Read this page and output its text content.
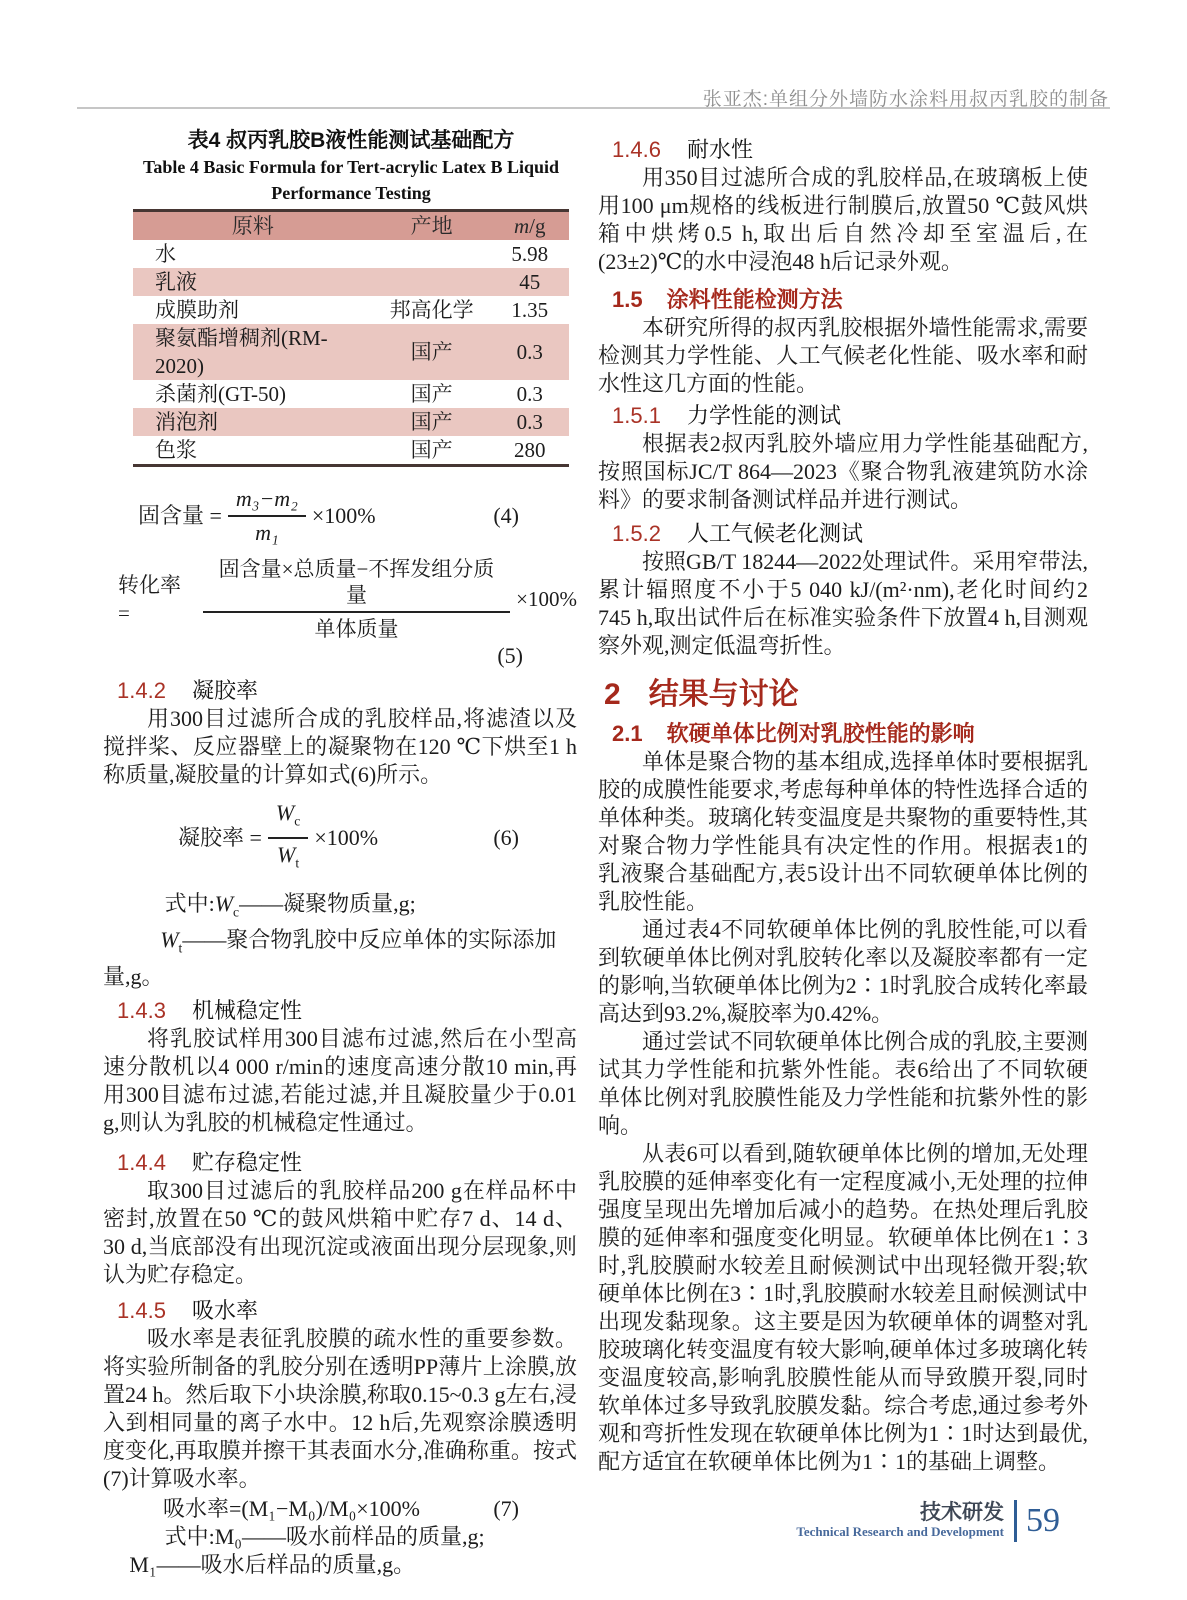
张亚杰:单组分外墙防水涂料用叔丙乳胶的制备
表4 叔丙乳胶B液性能测试基础配方
Table 4 Basic Formula for Tert-acrylic Latex B Liquid
Performance Testing
原料	产地	m/g
水		5.98
乳液		45
成膜助剂	邦高化学	1.35
聚氨酯增稠剂(RM-2020)	国产	0.3
杀菌剂(GT-50)	国产	0.3
消泡剂	国产	0.3
色浆	国产	280
固含量 = $\frac{\text{m₃−m₂}}{\text{m₁}} \times 100\%$	(4)
转化率 =	$\frac{\text{固含量×总质量−不挥发组分质量}}{\text{单体质量}} \times 100\%$
(5)

1.4.2 凝胶率

用300目过滤所合成的乳胶样品,将滤渣以及搅拌桨、反应器壁上的凝聚物在120 ℃下烘至1 h称质量,凝胶量的计算如式(6)所示。

凝胶率 = $\frac{W_c}{W_t} \times 100\%$	(6)

式中$:W_c——$凝聚物质量,g;

$W_t——$聚合物乳胶中反应单体的实际添加量,g。

1.4.3 机械稳定性

将乳胶试样用300目滤布过滤,然后在小型高速分散机以4 000 r/min的速度高速分散10 min,再用300目滤布过滤,若能过滤,并且凝胶量少于0.01 g,则认为乳胶的机械稳定性通过。

1.4.4 贮存稳定性

取300目过滤后的乳胶样品200 g在样品杯中密封,放置在50 ℃的鼓风烘箱中贮存7 d、14 d、30 d,当底部没有出现沉淀或液面出现分层现象,则认为贮存稳定。

1.4.5 吸水率

吸水率是表征乳胶膜的疏水性的重要参数。将实验所制备的乳胶分别在透明PP薄片上涂膜,放置24 h。然后取下小块涂膜,称取0.15~0.3 g左右,浸入到相同量的离子水中。12 h后,先观察涂膜透明度变化,再取膜并擦干其表面水分,准确称重。按式(7)计算吸水率。

吸水率=(M₁−M₀)/M₀×100%	(7)

式中:M₀——吸水前样品的质量,g;

M₁——吸水后样品的质量,g。

1.4.6 耐水性

用350目过滤所合成的乳胶样品,在玻璃板上使用100 μm规格的线板进行制膜后,放置50 ℃鼓风烘箱中烘烤0.5 h,取出后自然冷却至室温后,在(23±2)℃的水中浸泡48 h后记录外观。

1.5 涂料性能检测方法

本研究所得的叔丙乳胶根据外墙性能需求,需要检测其力学性能、人工气候老化性能、吸水率和耐水性这几方面的性能。

1.5.1 力学性能的测试

根据表2叔丙乳胶外墙应用力学性能基础配方,按照国标JC/T 864—2023《聚合物乳液建筑防水涂料》的要求制备测试样品并进行测试。

1.5.2 人工气候老化测试

按照GB/T 18244—2022处理试件。采用窄带法,累计辐照度不小于5 040 kJ/(m²·nm),老化时间约2 745 h,取出试件后在标准实验条件下放置4 h,目测观察外观,测定低温弯折性。

2 结果与讨论

2.1 软硬单体比例对乳胶性能的影响

单体是聚合物的基本组成,选择单体时要根据乳胶的成膜性能要求,考虑每种单体的特性选择合适的单体种类。玻璃化转变温度是共聚物的重要特性,其对聚合物力学性能具有决定性的作用。根据表1的乳液聚合基础配方,表5设计出不同软硬单体比例的乳胶性能。

通过表4不同软硬单体比例的乳胶性能,可以看到软硬单体比例对乳胶转化率以及凝胶率都有一定的影响,当软硬单体比例为2∶1时乳胶合成转化率最高达到93.2%,凝胶率为0.42%。

通过尝试不同软硬单体比例合成的乳胶,主要测试其力学性能和抗紫外性能。表6给出了不同软硬单体比例对乳胶膜性能及力学性能和抗紫外性的影响。

从表6可以看到,随软硬单体比例的增加,无处理乳胶膜的延伸率变化有一定程度减小,无处理的拉伸强度呈现出先增加后减小的趋势。在热处理后乳胶膜的延伸率和强度变化明显。软硬单体比例在1∶3时,乳胶膜耐水较差且耐候测试中出现轻微开裂;软硬单体比例在3∶1时,乳胶膜耐水较差且耐候测试中出现发黏现象。这主要是因为软硬单体的调整对乳胶玻璃化转变温度有较大影响,硬单体过多玻璃化转变温度较高,影响乳胶膜性能从而导致膜开裂,同时软单体过多导致乳胶膜发黏。综合考虑,通过参考外观和弯折性发现在软硬单体比例为1∶1时达到最优,配方适宜在软硬单体比例为1∶1的基础上调整。

技术研发
Technical Research and Development 59
